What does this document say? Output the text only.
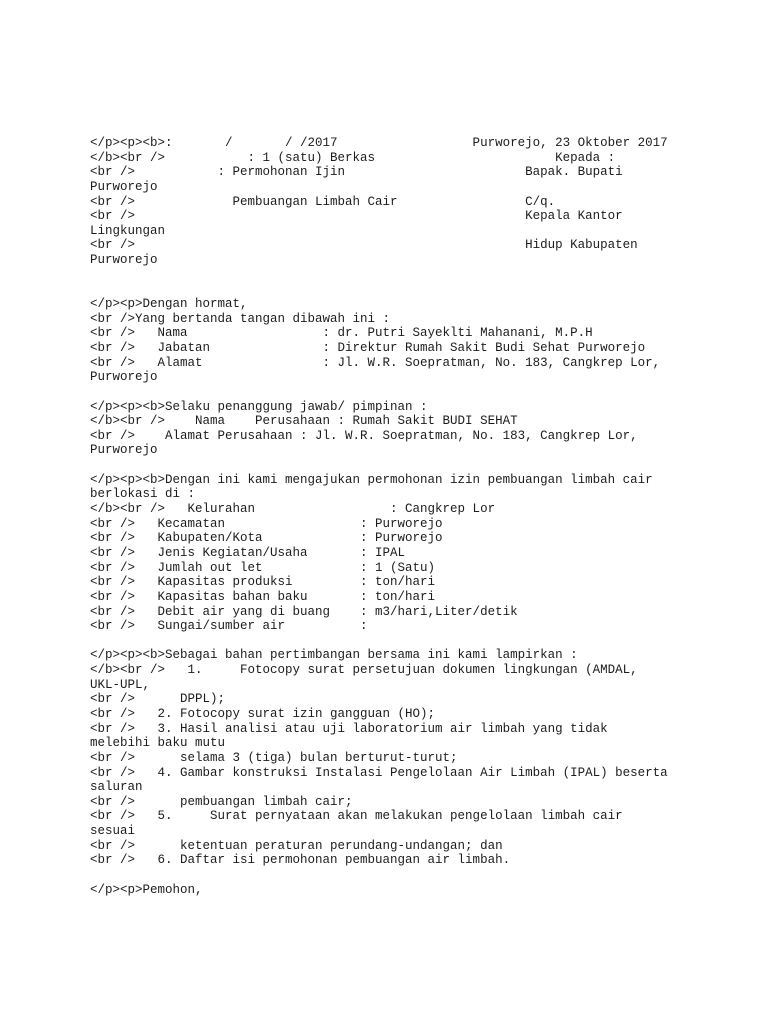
</p><p><b>:       /       / /2017                  Purworejo, 23 Oktober 2017
</b><br />           : 1 (satu) Berkas                        Kepada :
<br />           : Permohonan Ijin                        Bapak. Bupati
Purworejo
<br />             Pembuangan Limbah Cair                 C/q.
<br />                                                    Kepala Kantor
Lingkungan
<br />                                                    Hidup Kabupaten
Purworejo
</p><p>Dengan hormat,
<br />Yang bertanda tangan dibawah ini :
<br />   Nama                  : dr. Putri Sayeklti Mahanani, M.P.H
<br />   Jabatan               : Direktur Rumah Sakit Budi Sehat Purworejo
<br />   Alamat                : Jl. W.R. Soepratman, No. 183, Cangkrep Lor,
Purworejo
</p><p><b>Selaku penanggung jawab/ pimpinan :
</b><br />    Nama    Perusahaan : Rumah Sakit BUDI SEHAT
<br />    Alamat Perusahaan : Jl. W.R. Soepratman, No. 183, Cangkrep Lor,
Purworejo
</p><p><b>Dengan ini kami mengajukan permohonan izin pembuangan limbah cair
berlokasi di :
</b><br />   Kelurahan                  : Cangkrep Lor
<br />   Kecamatan                  : Purworejo
<br />   Kabupaten/Kota             : Purworejo
<br />   Jenis Kegiatan/Usaha       : IPAL
<br />   Jumlah out let             : 1 (Satu)
<br />   Kapasitas produksi         : ton/hari
<br />   Kapasitas bahan baku       : ton/hari
<br />   Debit air yang di buang    : m3/hari,Liter/detik
<br />   Sungai/sumber air          :
</p><p><b>Sebagai bahan pertimbangan bersama ini kami lampirkan :
</b><br />   1.     Fotocopy surat persetujuan dokumen lingkungan (AMDAL,
UKL-UPL,
<br />      DPPL);
<br />   2. Fotocopy surat izin gangguan (HO);
<br />   3. Hasil analisi atau uji laboratorium air limbah yang tidak
melebihi baku mutu
<br />      selama 3 (tiga) bulan berturut-turut;
<br />   4. Gambar konstruksi Instalasi Pengelolaan Air Limbah (IPAL) beserta
saluran
<br />      pembuangan limbah cair;
<br />   5.     Surat pernyataan akan melakukan pengelolaan limbah cair
sesuai
<br />      ketentuan peraturan perundang-undangan; dan
<br />   6. Daftar isi permohonan pembuangan air limbah.
</p><p>Pemohon,
